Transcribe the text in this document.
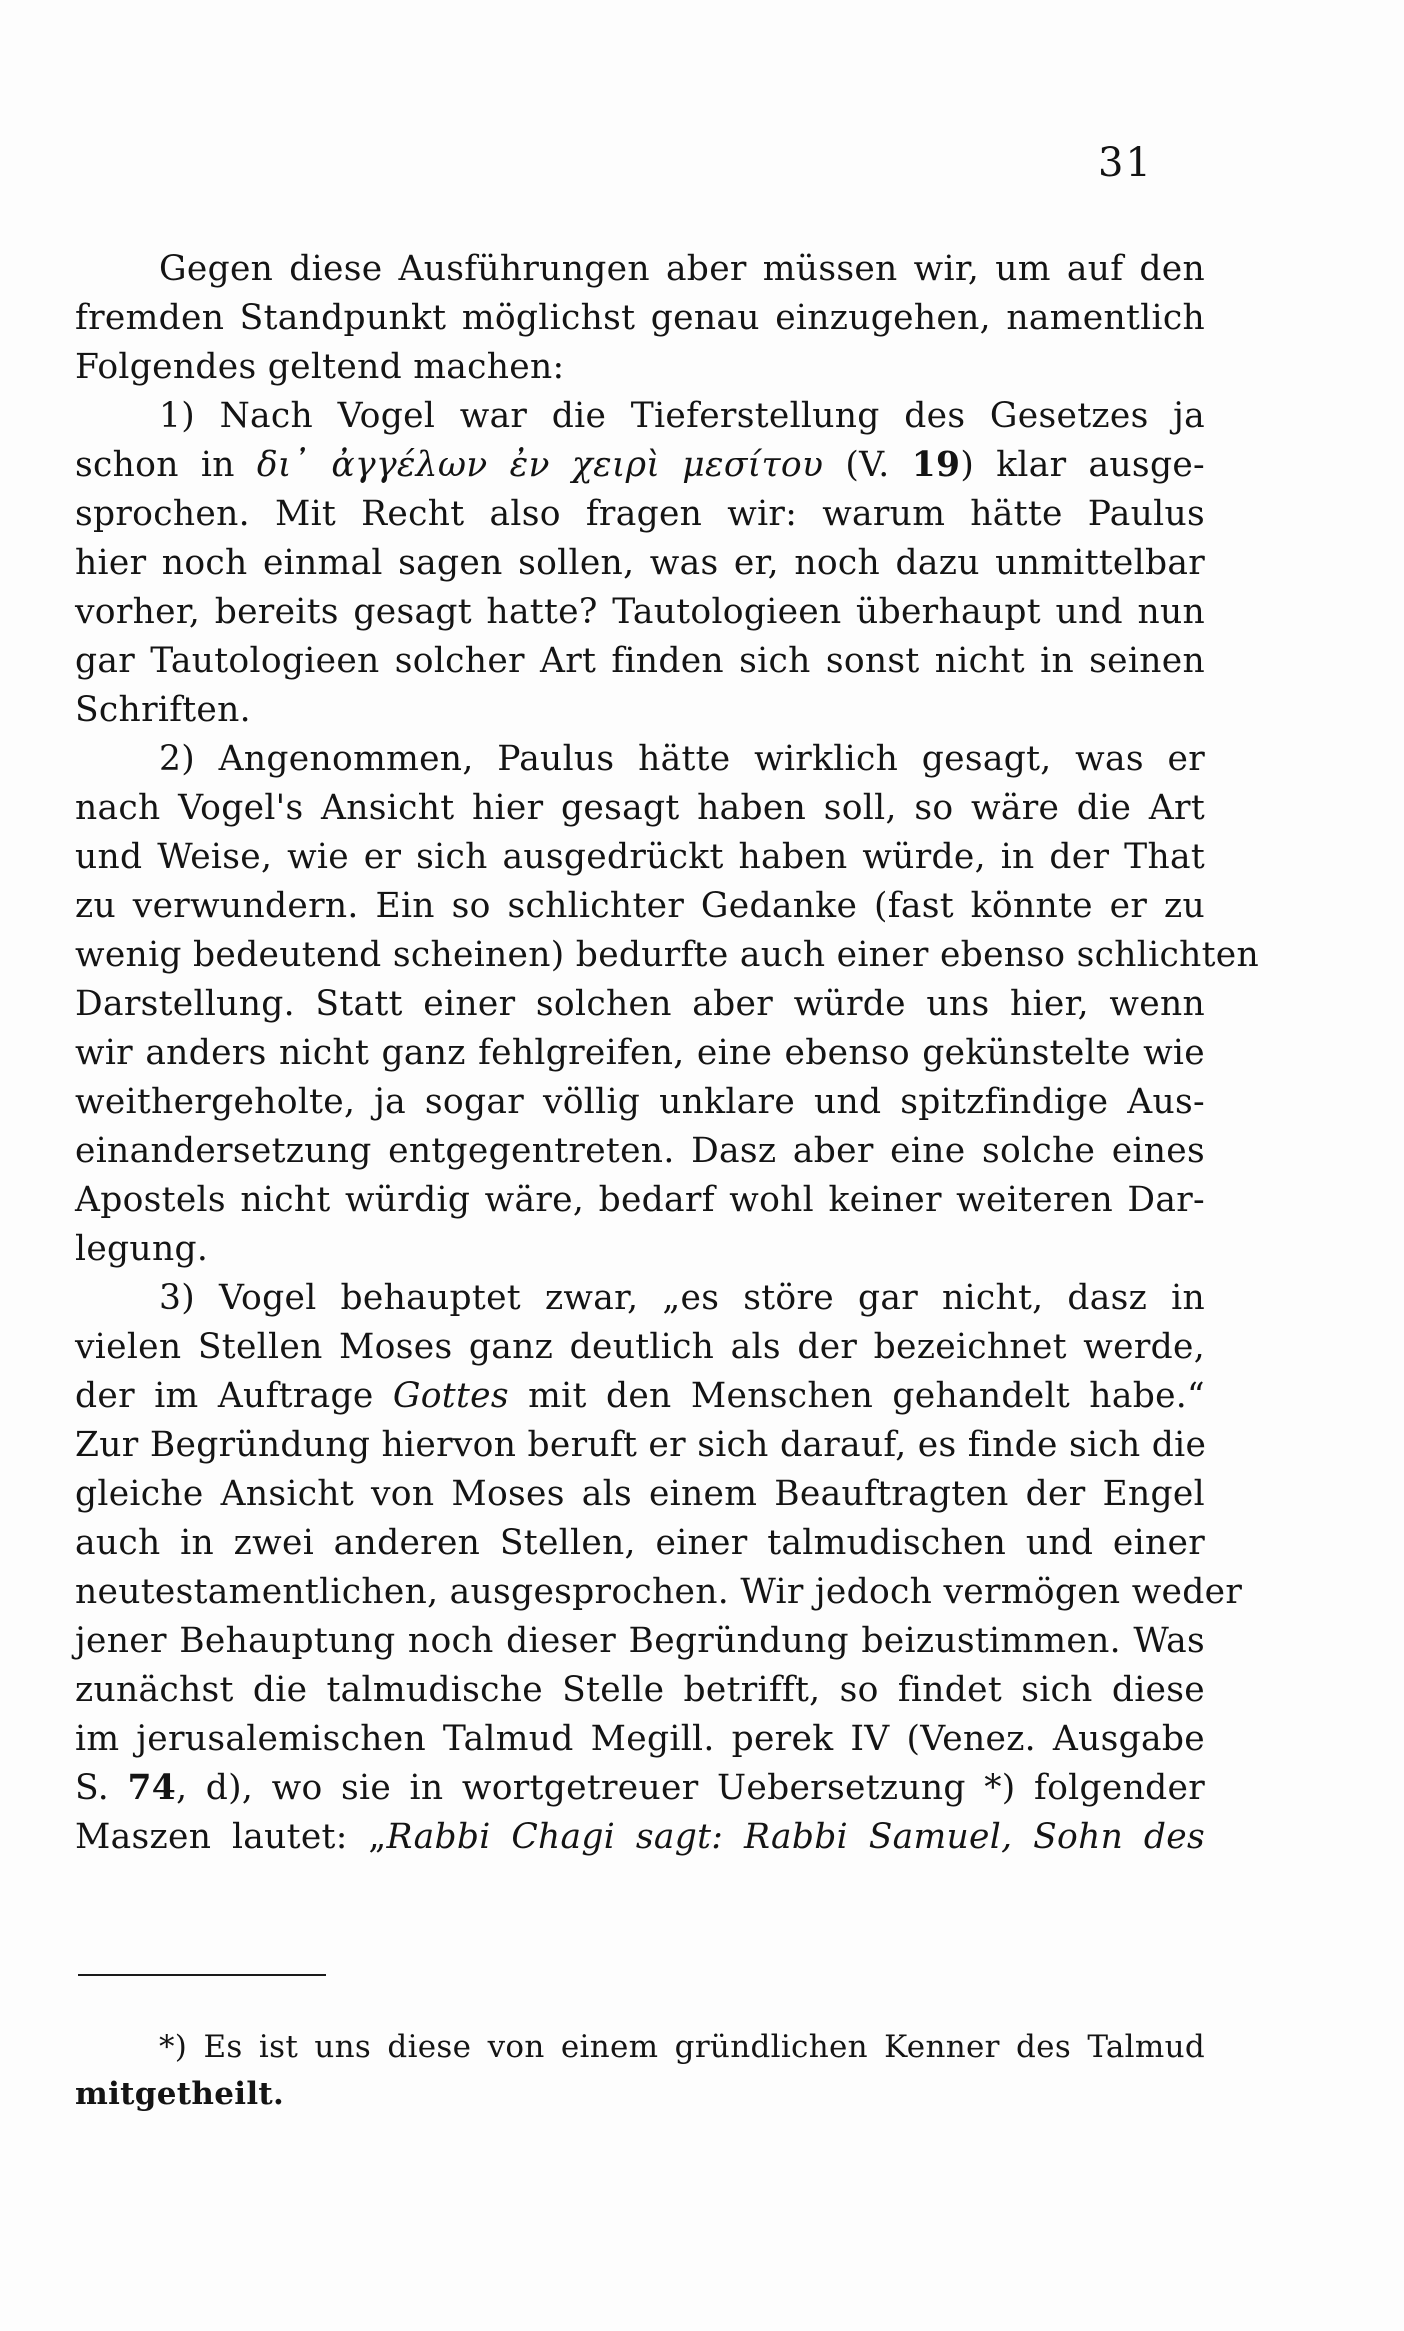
31
Gegen diese Ausführungen aber müssen wir, um auf den
fremden Standpunkt möglichst genau einzugehen, namentlich
Folgendes geltend machen:
1) Nach Vogel war die Tieferstellung des Gesetzes ja
schon in δι᾿ ἀγγέλων ἐν χειρὶ μεσίτου (V. 19) klar ausge-
sprochen. Mit Recht also fragen wir: warum hätte Paulus
hier noch einmal sagen sollen, was er, noch dazu unmittelbar
vorher, bereits gesagt hatte? Tautologieen überhaupt und nun
gar Tautologieen solcher Art finden sich sonst nicht in seinen
Schriften.
2) Angenommen, Paulus hätte wirklich gesagt, was er
nach Vogel's Ansicht hier gesagt haben soll, so wäre die Art
und Weise, wie er sich ausgedrückt haben würde, in der That
zu verwundern. Ein so schlichter Gedanke (fast könnte er zu
wenig bedeutend scheinen) bedurfte auch einer ebenso schlichten
Darstellung. Statt einer solchen aber würde uns hier, wenn
wir anders nicht ganz fehlgreifen, eine ebenso gekünstelte wie
weithergeholte, ja sogar völlig unklare und spitzfindige Aus-
einandersetzung entgegentreten. Dasz aber eine solche eines
Apostels nicht würdig wäre, bedarf wohl keiner weiteren Dar-
legung.
3) Vogel behauptet zwar, „es störe gar nicht, dasz in
vielen Stellen Moses ganz deutlich als der bezeichnet werde,
der im Auftrage Gottes mit den Menschen gehandelt habe.“
Zur Begründung hiervon beruft er sich darauf, es finde sich die
gleiche Ansicht von Moses als einem Beauftragten der Engel
auch in zwei anderen Stellen, einer talmudischen und einer
neutestamentlichen, ausgesprochen. Wir jedoch vermögen weder
jener Behauptung noch dieser Begründung beizustimmen. Was
zunächst die talmudische Stelle betrifft, so findet sich diese
im jerusalemischen Talmud Megill. perek IV (Venez. Ausgabe
S. 74, d), wo sie in wortgetreuer Uebersetzung *) folgender
Maszen lautet: „Rabbi Chagi sagt: Rabbi Samuel, Sohn des
*) Es ist uns diese von einem gründlichen Kenner des Talmud
mitgetheilt.
